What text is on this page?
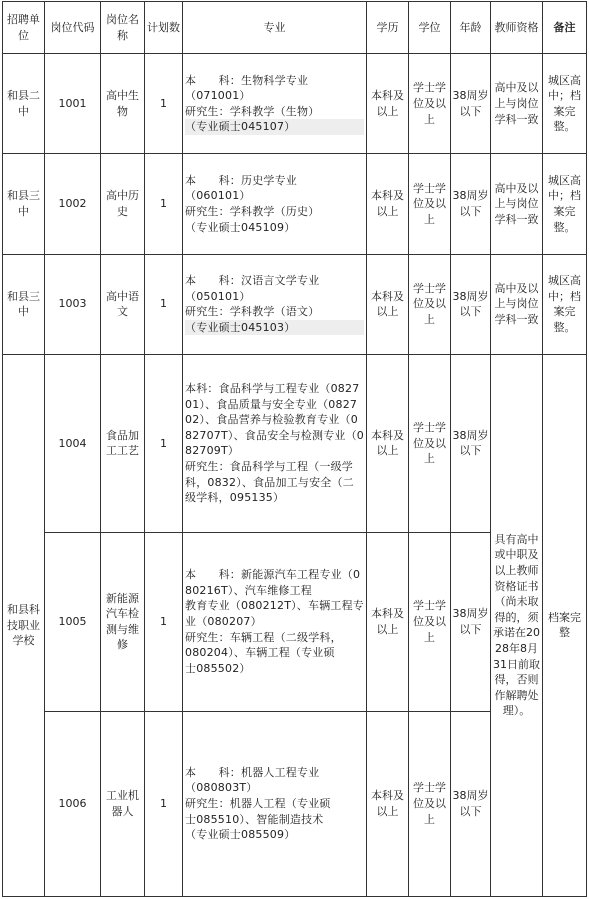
招聘单位	岗位代码	岗位名称	计划数	专业	学历	学位	年龄	教师资格	备注
和县二中	1001	高中生物	1	本　　科：生物科学专业
（071001）
研究生：学科教学（生物）
（专业硕士045107）	本科及以上	学士学位及以上	38周岁以下	高中及以上与岗位学科一致	城区高中；档案完整。
和县三中	1002	高中历史	1	本　　科：历史学专业
（060101）
研究生：学科教学（历史）
（专业硕士045109）	本科及以上	学士学位及以上	38周岁以下	高中及以上与岗位学科一致	城区高中；档案完整。
和县三中	1003	高中语文	1	本　　科：汉语言文学专业
（050101）
研究生：学科教学（语文）
（专业硕士045103）	本科及以上	学士学位及以上	38周岁以下	高中及以上与岗位学科一致	城区高中；档案完整。
和县科技职业学校	1004	食品加工工艺	1	本科：食品科学与工程专业（082701）、食品质量与安全专业（082702）、食品营养与检验教育专业（082707T）、食品安全与检测专业（082709T）
研究生：食品科学与工程（一级学科，0832）、食品加工与安全（二级学科，095135）	本科及以上	学士学位及以上	38周岁以下	具有高中或中职及以上教师资格证书（尚未取得的，须承诺在2028年8月31日前取得，否则作解聘处理）。	档案完整
	1005	新能源汽车检测与维修	1	本　　科：新能源汽车工程专业（080216T）、汽车维修工程
教育专业（080212T）、车辆工程专业（080207）
研究生：车辆工程（二级学科，
080204）、车辆工程（专业硕
士085502）	本科及以上	学士学位及以上	38周岁以下		
	1006	工业机器人	1	本　　科：机器人工程专业
（080803T）
研究生：机器人工程（专业硕
士085510）、智能制造技术
（专业硕士085509）	本科及以上	学士学位及以上	38周岁以下		
